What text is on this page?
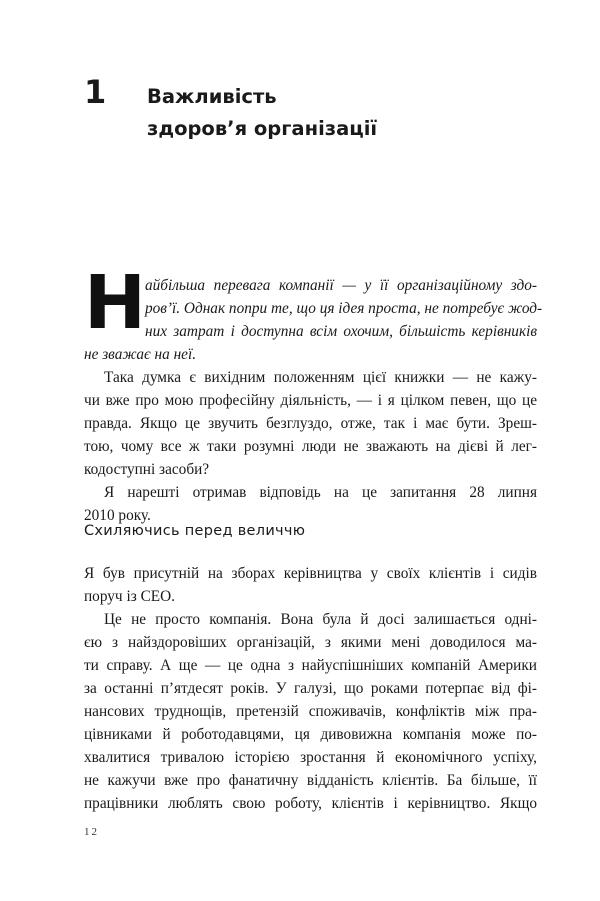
1 Важливість
здоров’я організації
Н айбільша перевага компанії — у її організаційному здо-
ров’ї. Однак попри те, що ця ідея проста, не потребує жод-
них затрат і доступна всім охочим, більшість керівників
не зважає на неї.
Така думка є вихідним положенням цієї книжки — не кажу-
чи вже про мою професійну діяльність, — і я цілком певен, що це
правда. Якщо це звучить безглуздо, отже, так і має бути. Зреш-
тою, чому все ж таки розумні люди не зважають на дієві й лег-
кодоступні засоби?
Я нарешті отримав відповідь на це запитання 28 липня
2010 року.
Схиляючись перед величчю
Я був присутній на зборах керівництва у своїх клієнтів і сидів
поруч із CEO.
Це не просто компанія. Вона була й досі залишається одні-
єю з найздоровіших організацій, з якими мені доводилося ма-
ти справу. А ще — це одна з найуспішніших компаній Америки
за останні п’ятдесят років. У галузі, що роками потерпає від фі-
нансових труднощів, претензій споживачів, конфліктів між пра-
цівниками й роботодавцями, ця дивовижна компанія може по-
хвалитися тривалою історією зростання й економічного успіху,
не кажучи вже про фанатичну відданість клієнтів. Ба більше, її
працівники люблять свою роботу, клієнтів і керівництво. Якщо
12
